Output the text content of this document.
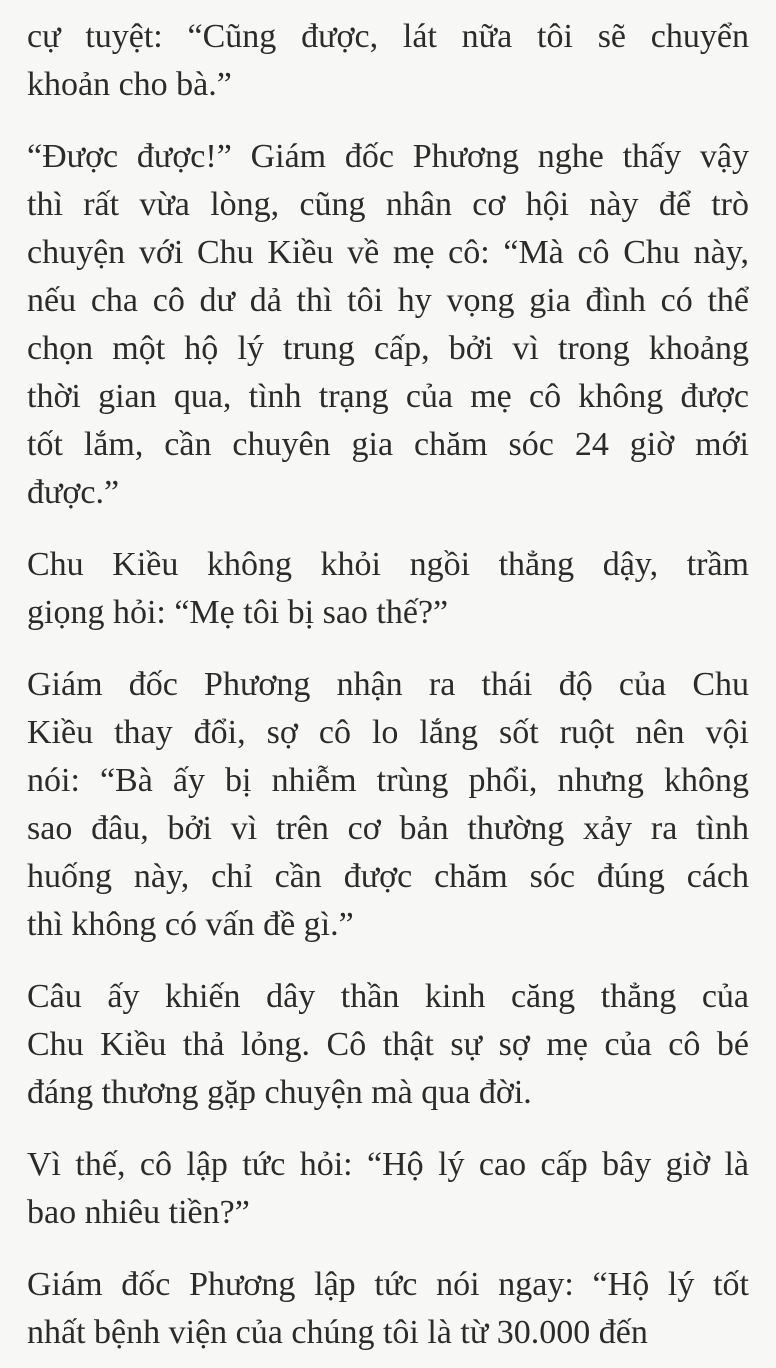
cự tuyệt: “Cũng được, lát nữa tôi sẽ chuyển
khoản cho bà.”
“Được được!” Giám đốc Phương nghe thấy vậy
thì rất vừa lòng, cũng nhân cơ hội này để trò
chuyện với Chu Kiều về mẹ cô: “Mà cô Chu này,
nếu cha cô dư dả thì tôi hy vọng gia đình có thể
chọn một hộ lý trung cấp, bởi vì trong khoảng
thời gian qua, tình trạng của mẹ cô không được
tốt lắm, cần chuyên gia chăm sóc 24 giờ mới
được.”
Chu Kiều không khỏi ngồi thẳng dậy, trầm
giọng hỏi: “Mẹ tôi bị sao thế?”
Giám đốc Phương nhận ra thái độ của Chu
Kiều thay đổi, sợ cô lo lắng sốt ruột nên vội
nói: “Bà ấy bị nhiễm trùng phổi, nhưng không
sao đâu, bởi vì trên cơ bản thường xảy ra tình
huống này, chỉ cần được chăm sóc đúng cách
thì không có vấn đề gì.”
Câu ấy khiến dây thần kinh căng thẳng của
Chu Kiều thả lỏng. Cô thật sự sợ mẹ của cô bé
đáng thương gặp chuyện mà qua đời.
Vì thế, cô lập tức hỏi: “Hộ lý cao cấp bây giờ là
bao nhiêu tiền?”
Giám đốc Phương lập tức nói ngay: “Hộ lý tốt
nhất bệnh viện của chúng tôi là từ 30.000 đến
